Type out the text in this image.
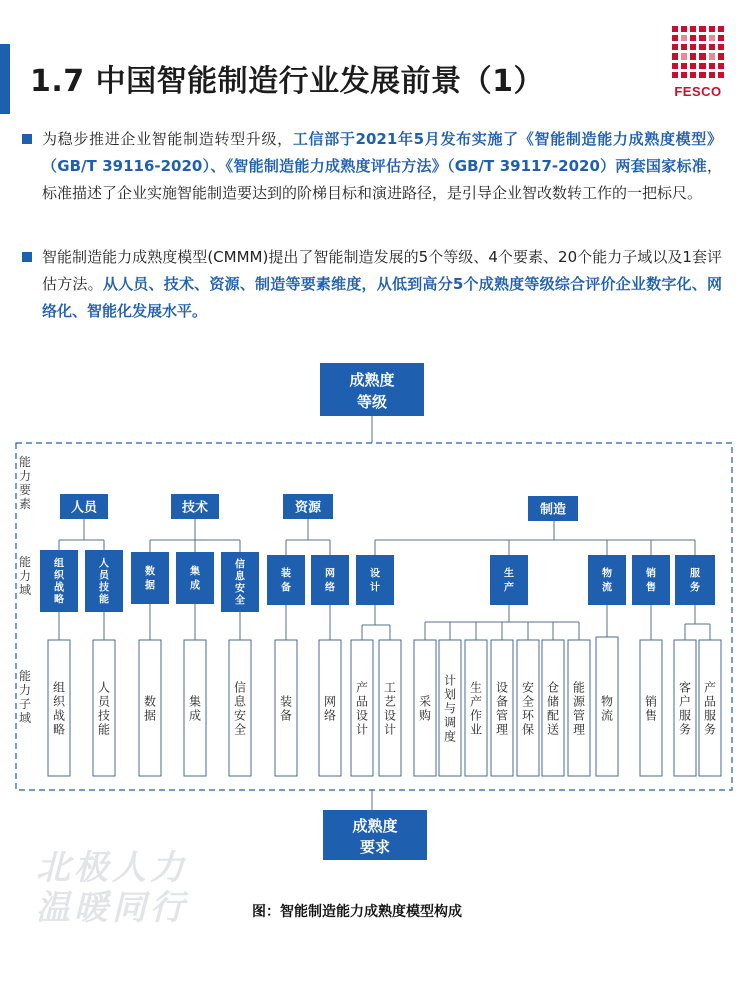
1.7 中国智能制造行业发展前景（1）	FESCO
为稳步推进企业智能制造转型升级，工信部于2021年5月发布实施了《智能制造能力成熟度模型》（GB/T 39116-2020）、《智能制造能力成熟度评估方法》（GB/T 39117-2020）两套国家标准，标准描述了企业实施智能制造要达到的阶梯目标和演进路径，是引导企业智改数转工作的一把标尺。
智能制造能力成熟度模型(CMMM)提出了智能制造发展的5个等级、4个要素、20个能力子域以及1套评估方法。从人员、技术、资源、制造等要素维度，从低到高分5个成熟度等级综合评价企业数字化、网络化、智能化发展水平。
成熟度
等级
成熟度
要求
能
力
要
素
能
力
域
能
力
子
域
人员	技术	资源	制造
组
织
战
略
人
员
技
能
数
据
集
成
信
息
安
全
装
备
网
络
设
计
生
产
物
流
销
售
服
务
组
织
战
略
人
员
技
能
数
据
集
成
信
息
安
全
装
备
网
络
产
品
设
计
工
艺
设
计
采
购
计
划
与
调
度
生
产
作
业
设
备
管
理
安
全
环
保
仓
储
配
送
能
源
管
理
物
流
销
售
客
户
服
务
产
品
服
务
北极人力
温暖同行	图：智能制造能力成熟度模型构成
